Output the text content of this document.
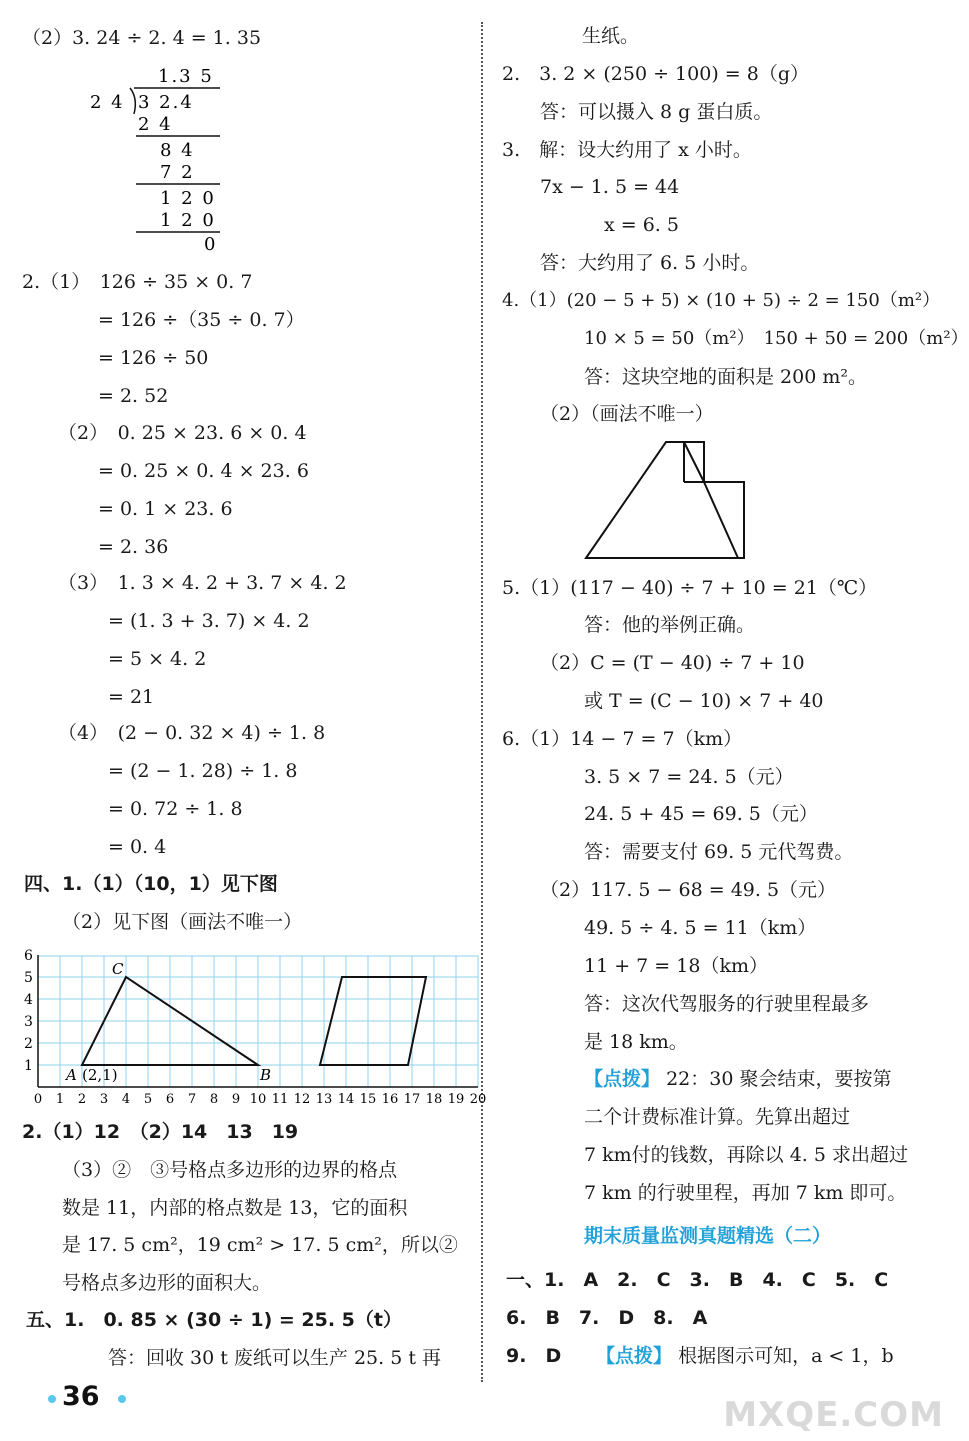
（2）3. 24 ÷ 2. 4 = 1. 35
1.3 5
2 4 3 2.4
2 4
8 4
7 2
1 2 0
1 2 0
0
2.（1）　126 ÷ 35 × 0. 7
= 126 ÷（35 ÷ 0. 7）
= 126 ÷ 50
= 2. 52
（2）　0. 25 × 23. 6 × 0. 4
= 0. 25 × 0. 4 × 23. 6
= 0. 1 × 23. 6
= 2. 36
（3）　1. 3 × 4. 2 + 3. 7 × 4. 2
= (1. 3 + 3. 7) × 4. 2
= 5 × 4. 2
= 21
（4）　(2 − 0. 32 × 4) ÷ 1. 8
= (2 − 1. 28) ÷ 1. 8
= 0. 72 ÷ 1. 8
= 0. 4
四、1.（1）（10，1）见下图
（2）见下图（画法不唯一）
1
2
3
4
5
6
0 1 2 3 4 5 6 7 8 9 10 11 12 13 14 15 16 17 18 19 20
C
A (2,1)	B
2.（1）12　（2）14　13　19
（3）②　③号格点多边形的边界的格点
数是 11，内部的格点数是 13，它的面积
是 17. 5 cm²，19 cm² > 17. 5 cm²，所以②
号格点多边形的面积大。
五、1.　0. 85 × (30 ÷ 1) = 25. 5（t）
答：回收 30 t 废纸可以生产 25. 5 t 再
生纸。
2.　3. 2 × (250 ÷ 100) = 8（g）
答：可以摄入 8 g 蛋白质。
3.　解：设大约用了 x 小时。
7x − 1. 5 = 44
x = 6. 5
答：大约用了 6. 5 小时。
4.（1）(20 − 5 + 5) × (10 + 5) ÷ 2 = 150（m²）
10 × 5 = 50（m²）　150 + 50 = 200（m²）
答：这块空地的面积是 200 m²。
（2）（画法不唯一）
5.（1）(117 − 40) ÷ 7 + 10 = 21（℃）
答：他的举例正确。
（2）C = (T − 40) ÷ 7 + 10
或 T = (C − 10) × 7 + 40
6.（1）14 − 7 = 7（km）
3. 5 × 7 = 24. 5（元）
24. 5 + 45 = 69. 5（元）
答：需要支付 69. 5 元代驾费。
（2）117. 5 − 68 = 49. 5（元）
49. 5 ÷ 4. 5 = 11（km）
11 + 7 = 18（km）
答：这次代驾服务的行驶里程最多
是 18 km。
【点拨】 22：30 聚会结束，要按第
二个计费标准计算。先算出超过
7 km付的钱数，再除以 4. 5 求出超过
7 km 的行驶里程，再加 7 km 即可。
期末质量监测真题精选（二）
一、1.　A　2.　C　3.　B　4.　C　5.　C
6.　B　7.　D　8.　A
9.　D 【点拨】 根据图示可知，a < 1，b
36	MXQE.COM
